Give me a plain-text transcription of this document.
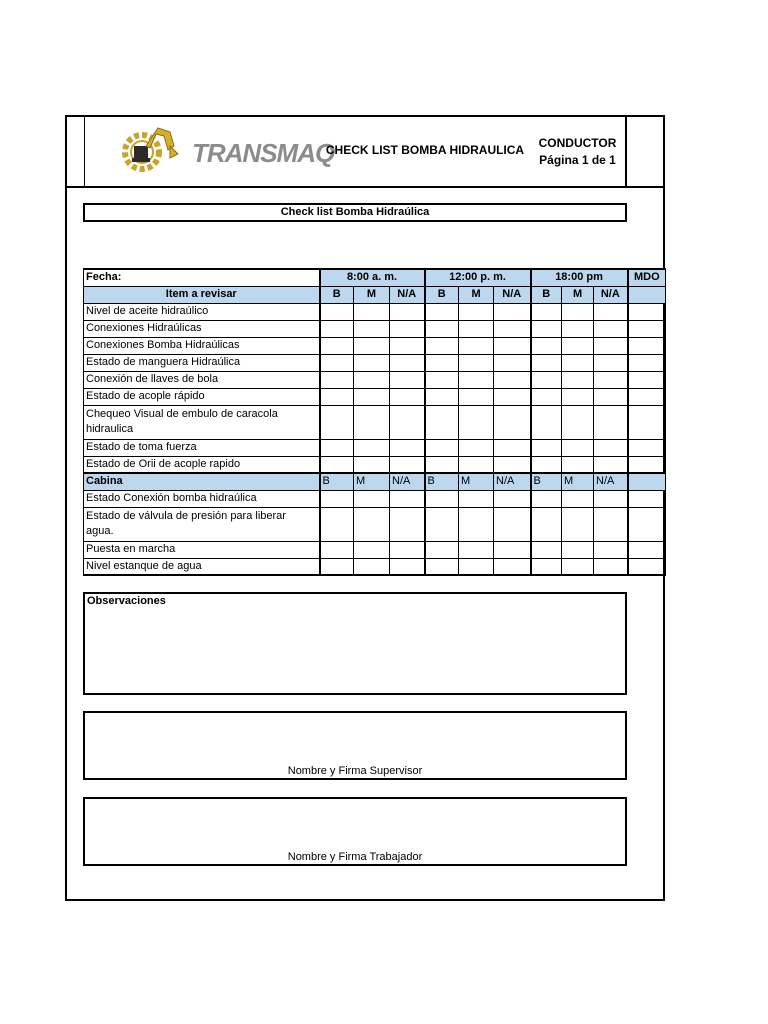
TRANSMAQ
CHECK LIST BOMBA HIDRAULICA	CONDUCTOR
Página 1 de 1
Check list Bomba Hidraúlica
Fecha:	8:00 a. m.			12:00 p. m.			18:00 pm			MDO
Item a revisar	B	M	N/A	B	M	N/A	B	M	N/A	
Nivel de aceite hidraúlico										
Conexiones Hidraúlicas										
Conexiones Bomba Hidraúlicas										
Estado de manguera Hidraúlica										
Conexión de llaves de bola										
Estado de acople rápido										
Chequeo Visual de embulo de caracola hidraulica										
Estado de toma fuerza										
Estado de Orii de acople rapido										
Cabina	B	M	N/A	B	M	N/A	B	M	N/A	
Estado Conexión bomba hidraúlica										
Estado de válvula de presión para liberar agua.										
Puesta en marcha										
Nivel estanque de agua										
Observaciones
Nombre y Firma Supervisor
Nombre y Firma Trabajador
